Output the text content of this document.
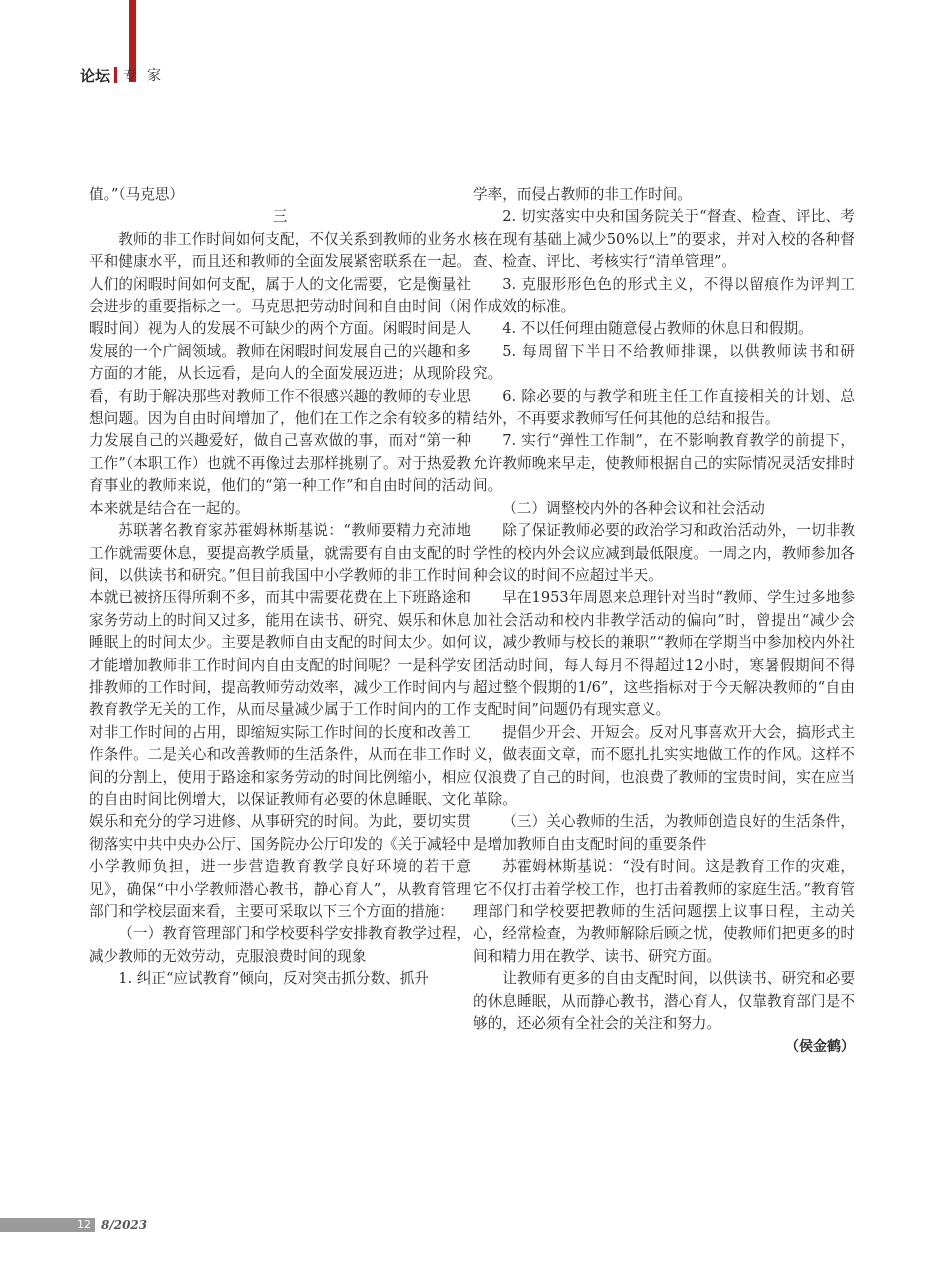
论坛 专家

值。”（马克思）

三

教师的非工作时间如何支配，不仅关系到教师的业务水平和健康水平，而且还和教师的全面发展紧密联系在一起。人们的闲暇时间如何支配，属于人的文化需要，它是衡量社会进步的重要指标之一。马克思把劳动时间和自由时间（闲暇时间）视为人的发展不可缺少的两个方面。闲暇时间是人发展的一个广阔领域。教师在闲暇时间发展自己的兴趣和多方面的才能，从长远看，是向人的全面发展迈进；从现阶段看，有助于解决那些对教师工作不很感兴趣的教师的专业思想问题。因为自由时间增加了，他们在工作之余有较多的精力发展自己的兴趣爱好，做自己喜欢做的事，而对“第一种工作”（本职工作）也就不再像过去那样挑剔了。对于热爱教育事业的教师来说，他们的“第一种工作”和自由时间的活动本来就是结合在一起的。

苏联著名教育家苏霍姆林斯基说：“教师要精力充沛地工作就需要休息，要提高教学质量，就需要有自由支配的时间，以供读书和研究。”但目前我国中小学教师的非工作时间本就已被挤压得所剩不多，而其中需要花费在上下班路途和家务劳动上的时间又过多，能用在读书、研究、娱乐和休息睡眠上的时间太少。主要是教师自由支配的时间太少。如何才能增加教师非工作时间内自由支配的时间呢？一是科学安排教师的工作时间，提高教师劳动效率，减少工作时间内与教育教学无关的工作，从而尽量减少属于工作时间内的工作对非工作时间的占用，即缩短实际工作时间的长度和改善工作条件。二是关心和改善教师的生活条件，从而在非工作时间的分割上，使用于路途和家务劳动的时间比例缩小，相应的自由时间比例增大，以保证教师有必要的休息睡眠、文化娱乐和充分的学习进修、从事研究的时间。为此，要切实贯彻落实中共中央办公厅、国务院办公厅印发的《关于减轻中小学教师负担，进一步营造教育教学良好环境的若干意见》，确保“中小学教师潜心教书，静心育人”，从教育管理部门和学校层面来看，主要可采取以下三个方面的措施：

（一）教育管理部门和学校要科学安排教育教学过程，减少教师的无效劳动，克服浪费时间的现象

1. 纠正“应试教育”倾向，反对突击抓分数、抓升

学率，而侵占教师的非工作时间。

2. 切实落实中央和国务院关于“督查、检查、评比、考核在现有基础上减少50%以上”的要求，并对入校的各种督查、检查、评比、考核实行“清单管理”。

3. 克服形形色色的形式主义，不得以留痕作为评判工作成效的标准。

4. 不以任何理由随意侵占教师的休息日和假期。

5. 每周留下半日不给教师排课，以供教师读书和研究。

6. 除必要的与教学和班主任工作直接相关的计划、总结外，不再要求教师写任何其他的总结和报告。

7. 实行“弹性工作制”，在不影响教育教学的前提下，允许教师晚来早走，使教师根据自己的实际情况灵活安排时间。

（二）调整校内外的各种会议和社会活动

除了保证教师必要的政治学习和政治活动外，一切非教学性的校内外会议应减到最低限度。一周之内，教师参加各种会议的时间不应超过半天。

早在1953年周恩来总理针对当时“教师、学生过多地参加社会活动和校内非教学活动的偏向”时，曾提出“减少会议，减少教师与校长的兼职”“教师在学期当中参加校内外社团活动时间，每人每月不得超过12小时，寒暑假期间不得超过整个假期的1/6”，这些指标对于今天解决教师的“自由支配时间”问题仍有现实意义。

提倡少开会、开短会。反对凡事喜欢开大会，搞形式主义，做表面文章，而不愿扎扎实实地做工作的作风。这样不仅浪费了自己的时间，也浪费了教师的宝贵时间，实在应当革除。

（三）关心教师的生活，为教师创造良好的生活条件，是增加教师自由支配时间的重要条件

苏霍姆林斯基说：“没有时间。这是教育工作的灾难，它不仅打击着学校工作，也打击着教师的家庭生活。”教育管理部门和学校要把教师的生活问题摆上议事日程，主动关心，经常检查，为教师解除后顾之忧，使教师们把更多的时间和精力用在教学、读书、研究方面。

让教师有更多的自由支配时间，以供读书、研究和必要的休息睡眠，从而静心教书，潜心育人，仅靠教育部门是不够的，还必须有全社会的关注和努力。

（侯金鹤）

12 8/2023
